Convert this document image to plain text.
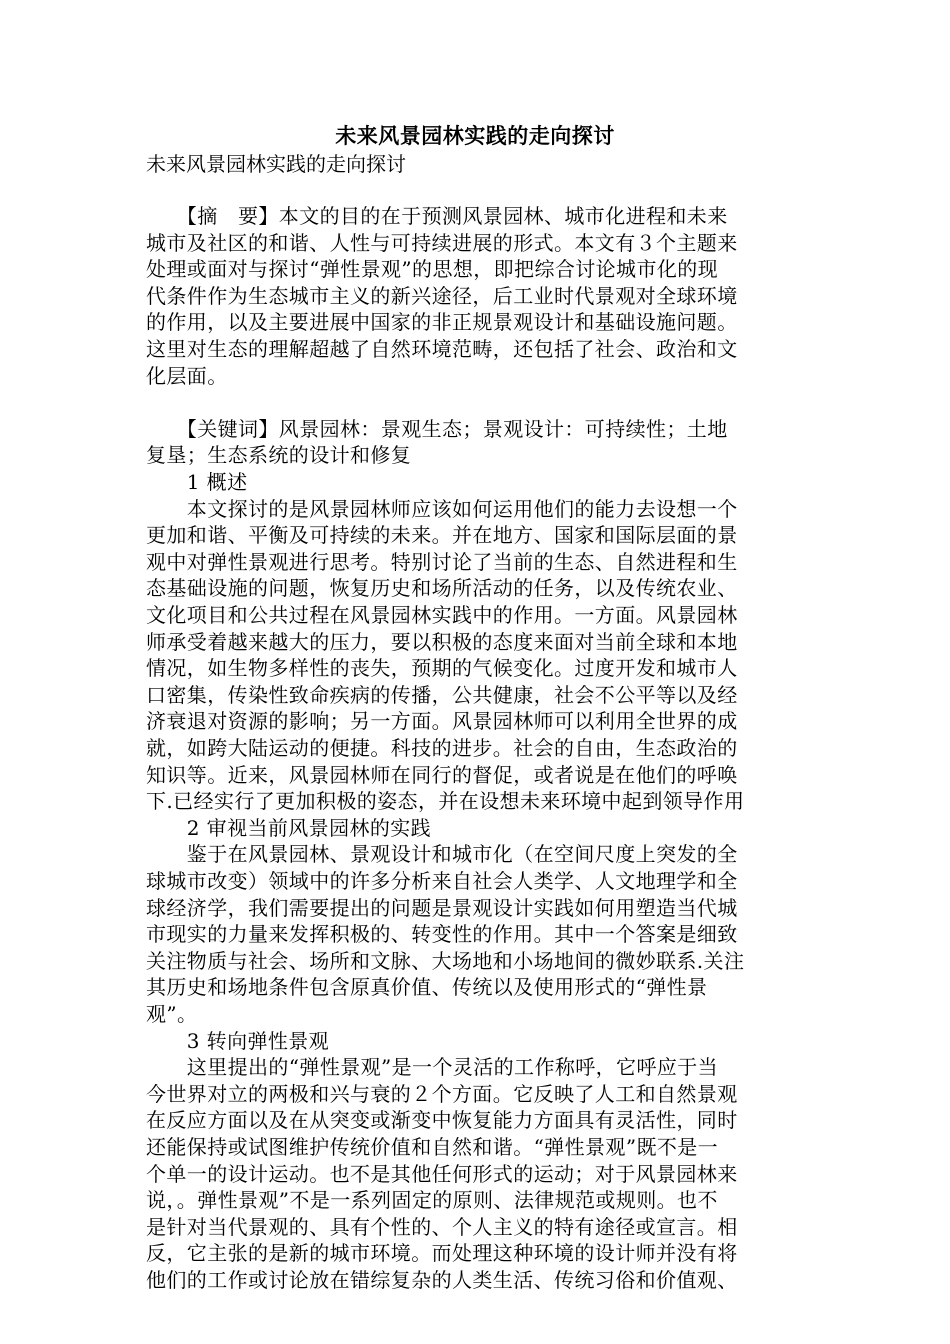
未来风景园林实践的走向探讨
未来风景园林实践的走向探讨
　　【摘　要】本文的目的在于预测风景园林、城市化进程和未来
城市及社区的和谐、人性与可持续进展的形式。本文有３个主题来
处理或面对与探讨“弹性景观”的思想，即把综合讨论城市化的现
代条件作为生态城市主义的新兴途径，后工业时代景观对全球环境
的作用，以及主要进展中国家的非正规景观设计和基础设施问题。
这里对生态的理解超越了自然环境范畴，还包括了社会、政治和文
化层面。
　　【关键词】风景园林：景观生态；景观设计：可持续性；土地
复垦；生态系统的设计和修复
　　1 概述
　　本文探讨的是风景园林师应该如何运用他们的能力去设想一个
更加和谐、平衡及可持续的未来。并在地方、国家和国际层面的景
观中对弹性景观进行思考。特别讨论了当前的生态、自然进程和生
态基础设施的问题，恢复历史和场所活动的任务，以及传统农业、
文化项目和公共过程在风景园林实践中的作用。一方面。风景园林
师承受着越来越大的压力，要以积极的态度来面对当前全球和本地
情况，如生物多样性的丧失，预期的气候变化。过度开发和城市人
口密集，传染性致命疾病的传播，公共健康，社会不公平等以及经
济衰退对资源的影响；另一方面。风景园林师可以利用全世界的成
就，如跨大陆运动的便捷。科技的进步。社会的自由，生态政治的
知识等。近来，风景园林师在同行的督促，或者说是在他们的呼唤
下.已经实行了更加积极的姿态，并在设想未来环境中起到领导作用
　　2 审视当前风景园林的实践
　　鉴于在风景园林、景观设计和城市化（在空间尺度上突发的全
球城市改变）领域中的许多分析来自社会人类学、人文地理学和全
球经济学，我们需要提出的问题是景观设计实践如何用塑造当代城
市现实的力量来发挥积极的、转变性的作用。其中一个答案是细致
关注物质与社会、场所和文脉、大场地和小场地间的微妙联系.关注
其历史和场地条件包含原真价值、传统以及使用形式的“弹性景
观”。
　　3 转向弹性景观
　　这里提出的“弹性景观”是一个灵活的工作称呼，它呼应于当
今世界对立的两极和兴与衰的２个方面。它反映了人工和自然景观
在反应方面以及在从突变或渐变中恢复能力方面具有灵活性，同时
还能保持或试图维护传统价值和自然和谐。“弹性景观”既不是一
个单一的设计运动。也不是其他任何形式的运动；对于风景园林来
说，。弹性景观”不是一系列固定的原则、法律规范或规则。也不
是针对当代景观的、具有个性的、个人主义的特有途径或宣言。相
反，它主张的是新的城市环境。而处理这种环境的设计师并没有将
他们的工作或讨论放在错综复杂的人类生活、传统习俗和价值观、
